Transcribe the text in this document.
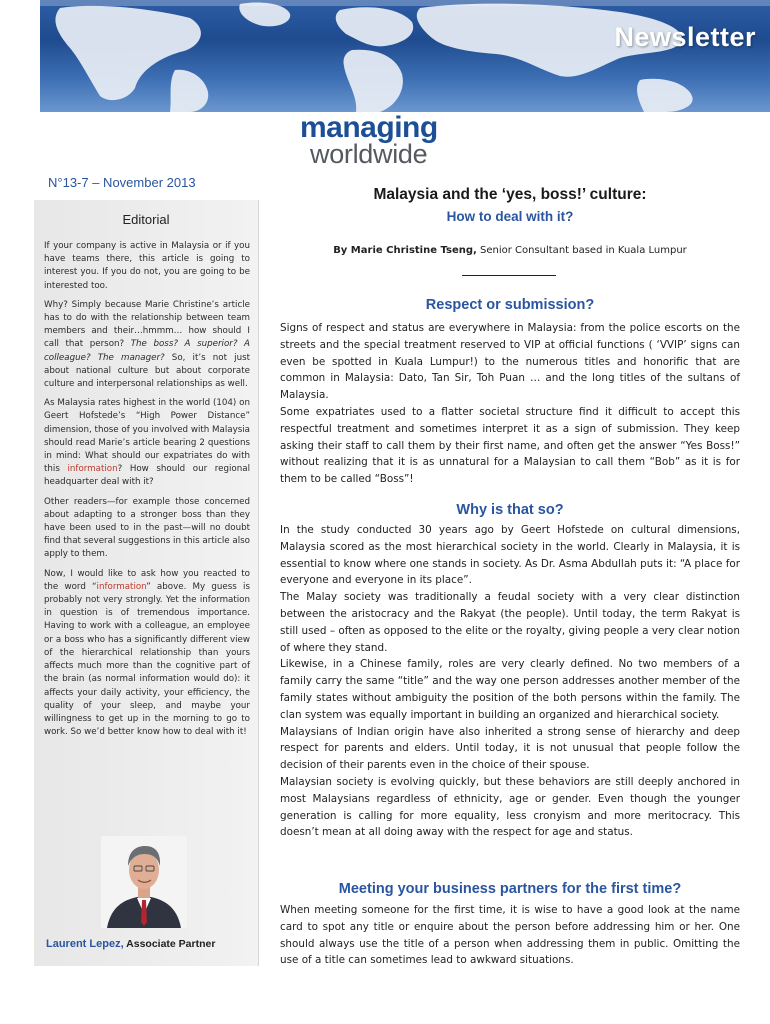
Newsletter
managing
worldwide
N°13-7 – November 2013
Editorial

If your company is active in Malaysia or if you have teams there, this article is going to interest you. If you do not, you are going to be interested too.

Why? Simply because Marie Christine’s article has to do with the relationship between team members and their…hmmm… how should I call that person? The boss? A superior? A colleague? The manager? So, it’s not just about national culture but about corporate culture and interpersonal relationships as well.

As Malaysia rates highest in the world (104) on Geert Hofstede’s “High Power Distance” dimension, those of you involved with Malaysia should read Marie’s article bearing 2 questions in mind: What should our expatriates do with this information? How should our regional headquarter deal with it?

Other readers—for example those concerned about adapting to a stronger boss than they have been used to in the past—will no doubt find that several suggestions in this article also apply to them.

Now, I would like to ask how you reacted to the word “information” above. My guess is probably not very strongly. Yet the information in question is of tremendous importance. Having to work with a colleague, an employee or a boss who has a significantly different view of the hierarchical relationship than yours affects much more than the cognitive part of the brain (as normal information would do): it affects your daily activity, your efficiency, the quality of your sleep, and maybe your willingness to get up in the morning to go to work. So we’d better know how to deal with it!

Laurent Lepez, Associate Partner
Malaysia and the ‘yes, boss!’ culture:
How to deal with it?
By Marie Christine Tseng, Senior Consultant based in Kuala Lumpur
Respect or submission?

Signs of respect and status are everywhere in Malaysia: from the police escorts on the streets and the special treatment reserved to VIP at official functions ( ‘VVIP’ signs can even be spotted in Kuala Lumpur!) to the numerous titles and honorific that are common in Malaysia: Dato, Tan Sir, Toh Puan … and the long titles of the sultans of Malaysia.

Some expatriates used to a flatter societal structure find it difficult to accept this respectful treatment and sometimes interpret it as a sign of submission. They keep asking their staff to call them by their first name, and often get the answer “Yes Boss!” without realizing that it is as unnatural for a Malaysian to call them “Bob” as it is for them to be called “Boss”!

Why is that so?

In the study conducted 30 years ago by Geert Hofstede on cultural dimensions, Malaysia scored as the most hierarchical society in the world. Clearly in Malaysia, it is essential to know where one stands in society. As Dr. Asma Abdullah puts it: “A place for everyone and everyone in its place”.

The Malay society was traditionally a feudal society with a very clear distinction between the aristocracy and the Rakyat (the people). Until today, the term Rakyat is still used – often as opposed to the elite or the royalty, giving people a very clear notion of where they stand.

Likewise, in a Chinese family, roles are very clearly defined. No two members of a family carry the same “title” and the way one person addresses another member of the family states without ambiguity the position of the both persons within the family. The clan system was equally important in building an organized and hierarchical society.

Malaysians of Indian origin have also inherited a strong sense of hierarchy and deep respect for parents and elders. Until today, it is not unusual that people follow the decision of their parents even in the choice of their spouse.

Malaysian society is evolving quickly, but these behaviors are still deeply anchored in most Malaysians regardless of ethnicity, age or gender. Even though the younger generation is calling for more equality, less cronyism and more meritocracy. This doesn’t mean at all doing away with the respect for age and status.

Meeting your business partners for the first time?

When meeting someone for the first time, it is wise to have a good look at the name card to spot any title or enquire about the person before addressing him or her. One should always use the title of a person when addressing them in public. Omitting the use of a title can sometimes lead to awkward situations.
